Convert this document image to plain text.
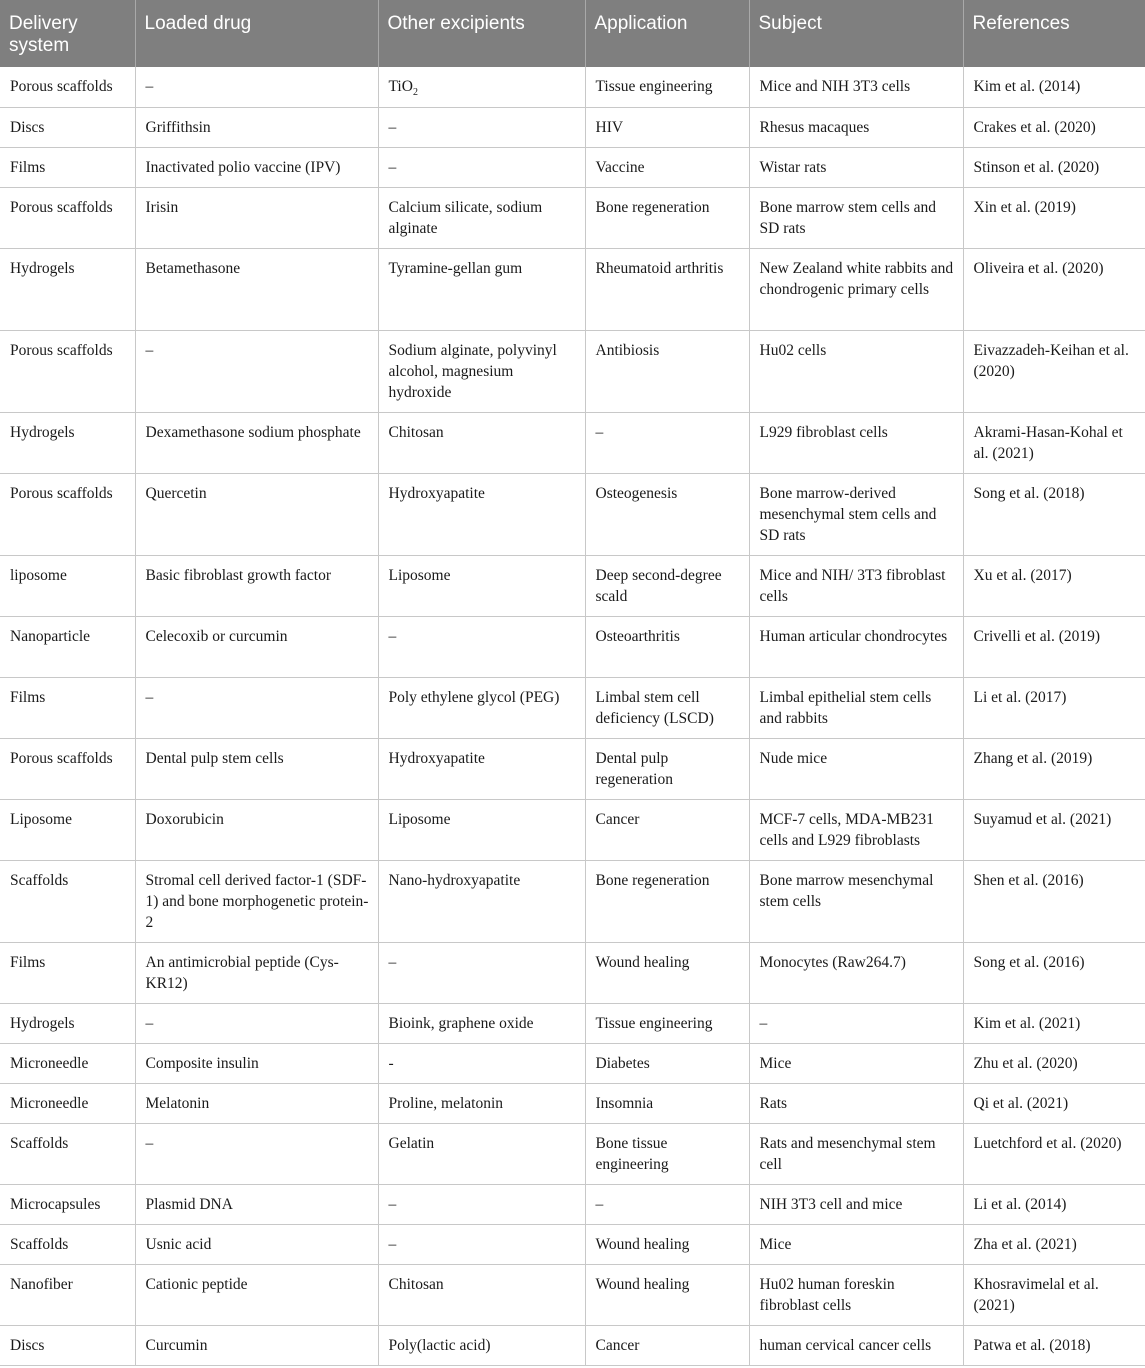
Delivery system	Loaded drug	Other excipients	Application	Subject	References
Porous scaffolds	–	TiO$_2$	Tissue engineering	Mice and NIH 3T3 cells	Kim et al. (2014)
Discs	Griffithsin	–	HIV	Rhesus macaques	Crakes et al. (2020)
Films	Inactivated polio vaccine (IPV)	–	Vaccine	Wistar rats	Stinson et al. (2020)
Porous scaffolds	Irisin	Calcium silicate, sodium alginate	Bone regeneration	Bone marrow stem cells and SD rats	Xin et al. (2019)
Hydrogels	Betamethasone	Tyramine-gellan gum	Rheumatoid arthritis	New Zealand white rabbits and chondrogenic primary cells	Oliveira et al. (2020)
Porous scaffolds	–	Sodium alginate, polyvinyl alcohol, magnesium hydroxide	Antibiosis	Hu02 cells	Eivazzadeh-Keihan et al. (2020)
Hydrogels	Dexamethasone sodium phosphate	Chitosan	–	L929 fibroblast cells	Akrami-Hasan-Kohal et al. (2021)
Porous scaffolds	Quercetin	Hydroxyapatite	Osteogenesis	Bone marrow-derived mesenchymal stem cells and SD rats	Song et al. (2018)
liposome	Basic fibroblast growth factor	Liposome	Deep second-degree scald	Mice and NIH/ 3T3 fibroblast cells	Xu et al. (2017)
Nanoparticle	Celecoxib or curcumin	–	Osteoarthritis	Human articular chondrocytes	Crivelli et al. (2019)
Films	–	Poly ethylene glycol (PEG)	Limbal stem cell deficiency (LSCD)	Limbal epithelial stem cells and rabbits	Li et al. (2017)
Porous scaffolds	Dental pulp stem cells	Hydroxyapatite	Dental pulp regeneration	Nude mice	Zhang et al. (2019)
Liposome	Doxorubicin	Liposome	Cancer	MCF-7 cells, MDA-MB231 cells and L929 fibroblasts	Suyamud et al. (2021)
Scaffolds	Stromal cell derived factor-1 (SDF-1) and bone morphogenetic protein-2	Nano-hydroxyapatite	Bone regeneration	Bone marrow mesenchymal stem cells	Shen et al. (2016)
Films	An antimicrobial peptide (Cys-KR12)	–	Wound healing	Monocytes (Raw264.7)	Song et al. (2016)
Hydrogels	–	Bioink, graphene oxide	Tissue engineering	–	Kim et al. (2021)
Microneedle	Composite insulin	-	Diabetes	Mice	Zhu et al. (2020)
Microneedle	Melatonin	Proline, melatonin	Insomnia	Rats	Qi et al. (2021)
Scaffolds	–	Gelatin	Bone tissue engineering	Rats and mesenchymal stem cell	Luetchford et al. (2020)
Microcapsules	Plasmid DNA	–	–	NIH 3T3 cell and mice	Li et al. (2014)
Scaffolds	Usnic acid	–	Wound healing	Mice	Zha et al. (2021)
Nanofiber	Cationic peptide	Chitosan	Wound healing	Hu02 human foreskin fibroblast cells	Khosravimelal et al. (2021)
Discs	Curcumin	Poly(lactic acid)	Cancer	human cervical cancer cells	Patwa et al. (2018)
